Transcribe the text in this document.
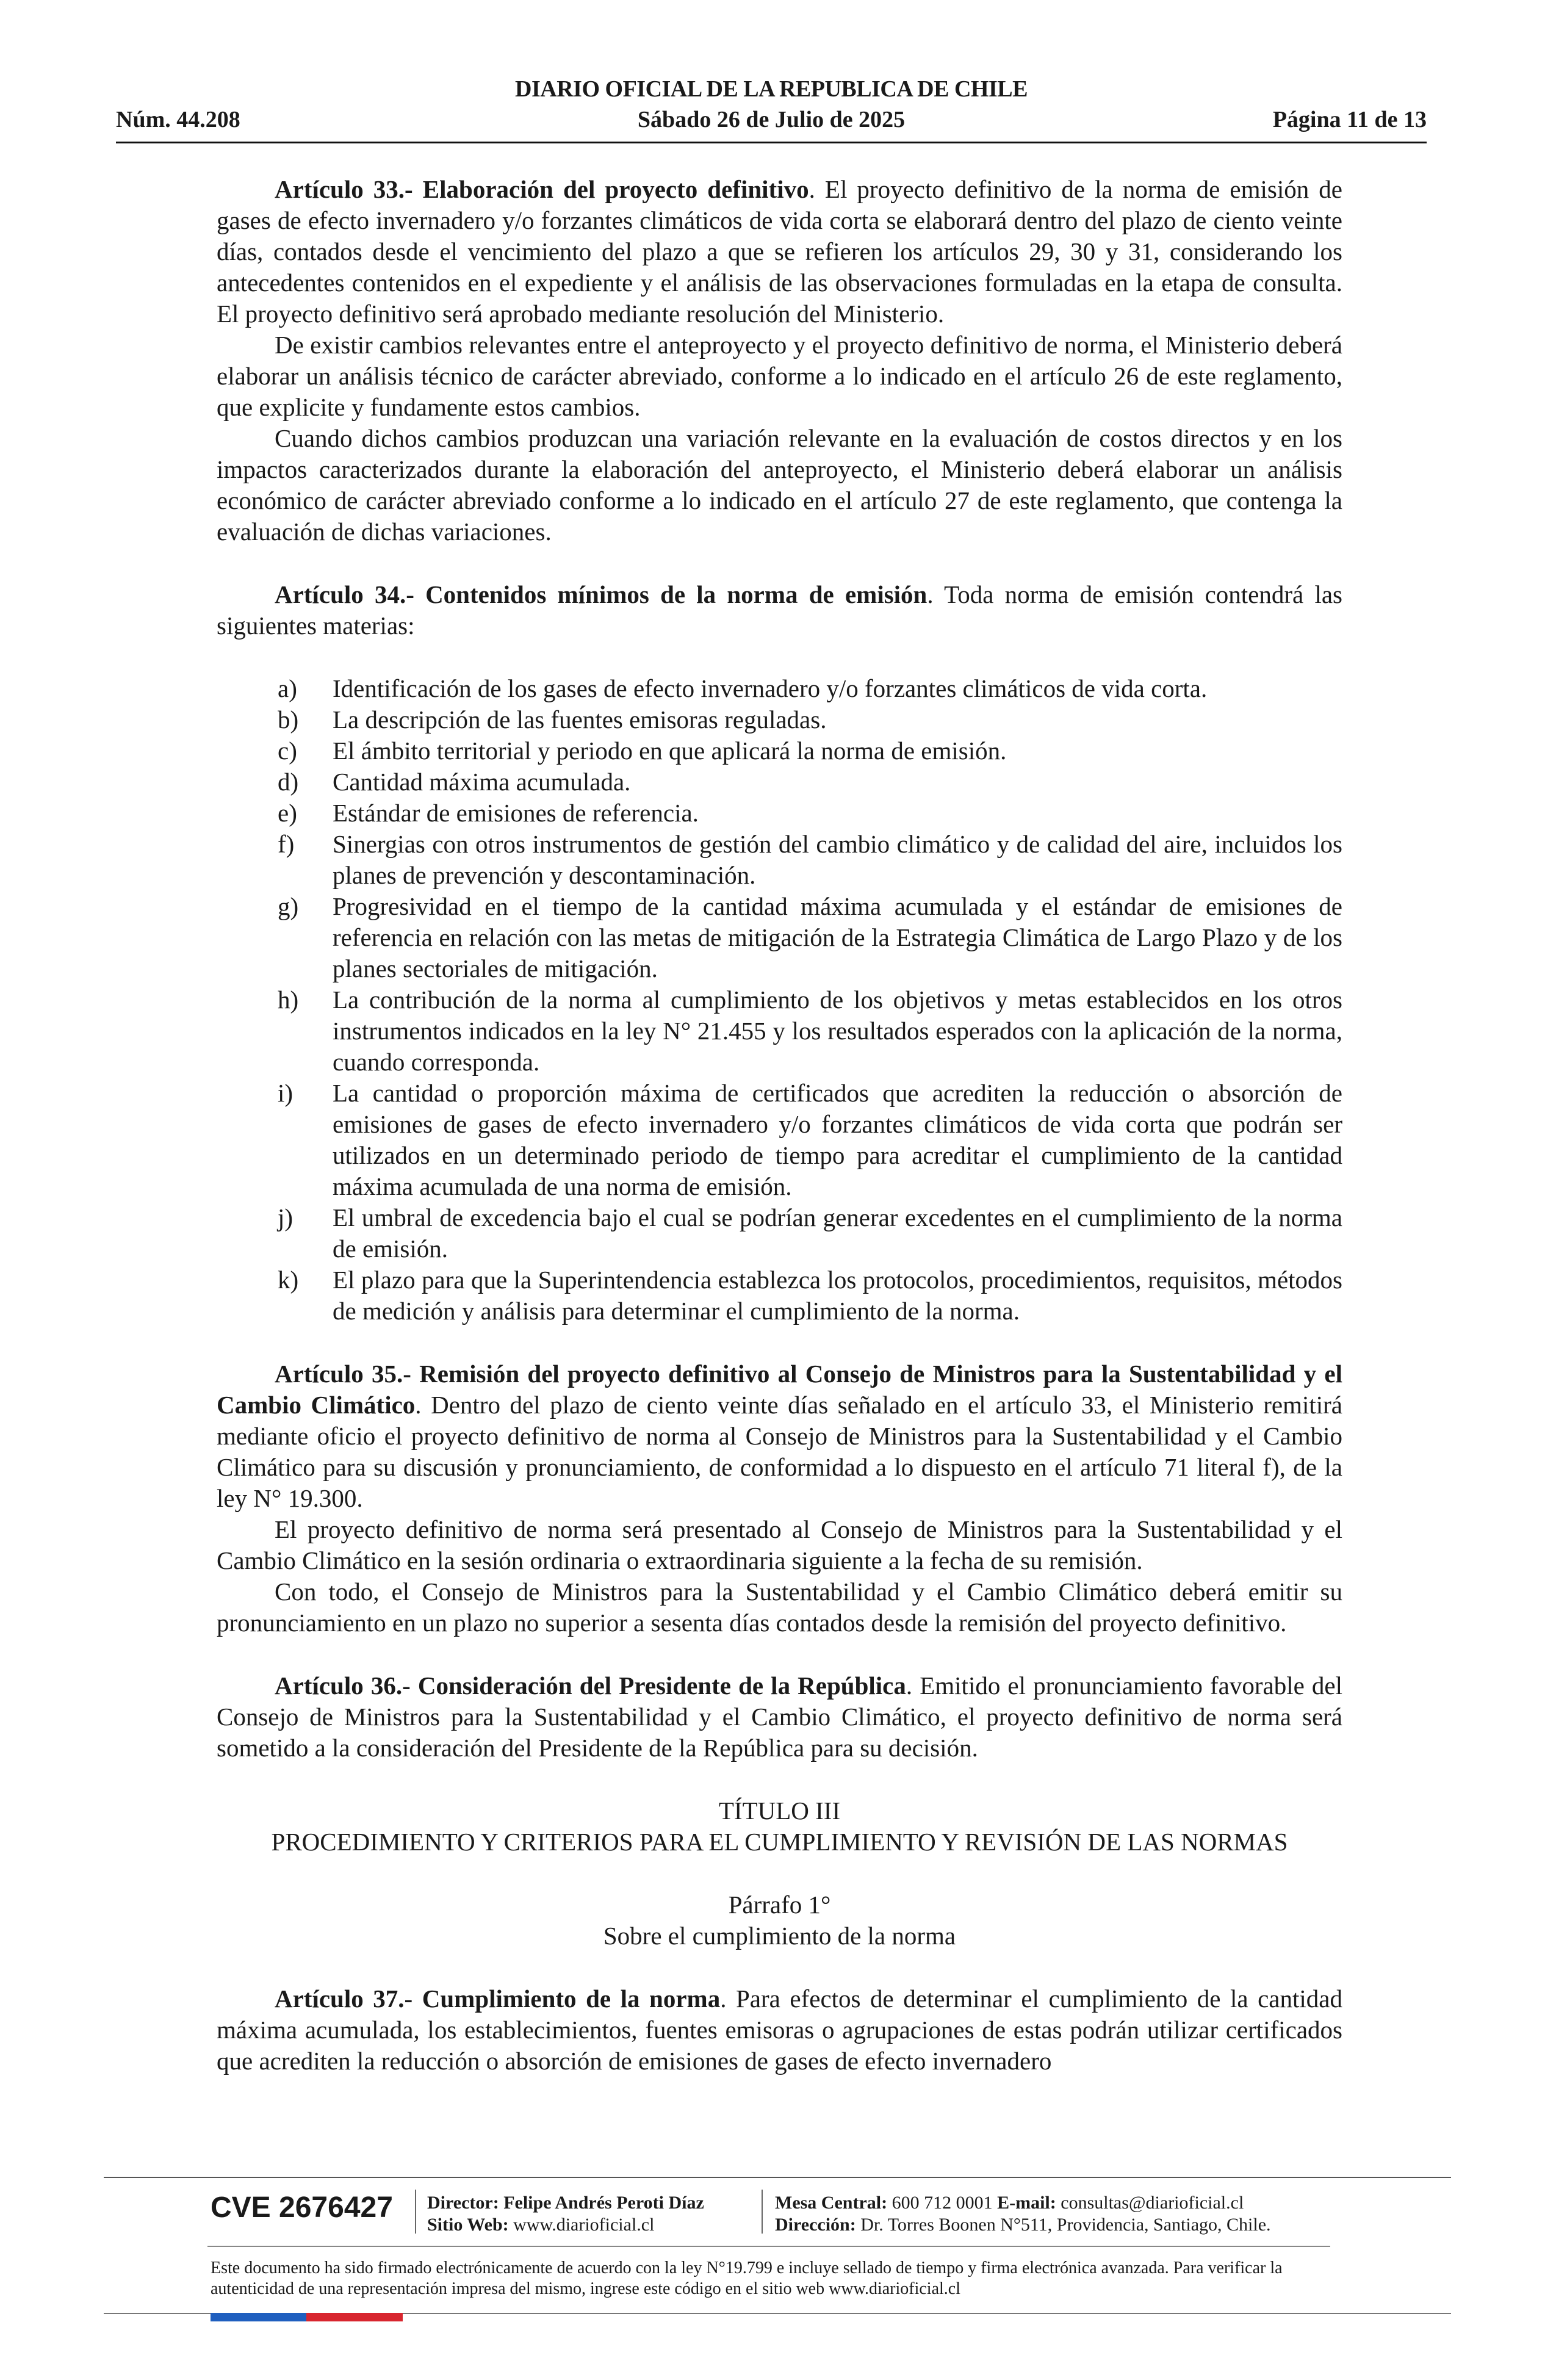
DIARIO OFICIAL DE LA REPUBLICA DE CHILE
Núm. 44.208	Sábado 26 de Julio de 2025	Página 11 de 13

Artículo 33.- Elaboración del proyecto definitivo. El proyecto definitivo de la norma de emisión de gases de efecto invernadero y/o forzantes climáticos de vida corta se elaborará dentro del plazo de ciento veinte días, contados desde el vencimiento del plazo a que se refieren los artículos 29, 30 y 31, considerando los antecedentes contenidos en el expediente y el análisis de las observaciones formuladas en la etapa de consulta. El proyecto definitivo será aprobado mediante resolución del Ministerio.

De existir cambios relevantes entre el anteproyecto y el proyecto definitivo de norma, el Ministerio deberá elaborar un análisis técnico de carácter abreviado, conforme a lo indicado en el artículo 26 de este reglamento, que explicite y fundamente estos cambios.

Cuando dichos cambios produzcan una variación relevante en la evaluación de costos directos y en los impactos caracterizados durante la elaboración del anteproyecto, el Ministerio deberá elaborar un análisis económico de carácter abreviado conforme a lo indicado en el artículo 27 de este reglamento, que contenga la evaluación de dichas variaciones.

Artículo 34.- Contenidos mínimos de la norma de emisión. Toda norma de emisión contendrá las siguientes materias:

a)	Identificación de los gases de efecto invernadero y/o forzantes climáticos de vida corta.
b)	La descripción de las fuentes emisoras reguladas.
c)	El ámbito territorial y periodo en que aplicará la norma de emisión.
d)	Cantidad máxima acumulada.
e)	Estándar de emisiones de referencia.
f)	Sinergias con otros instrumentos de gestión del cambio climático y de calidad del aire, incluidos los planes de prevención y descontaminación.
g)	Progresividad en el tiempo de la cantidad máxima acumulada y el estándar de emisiones de referencia en relación con las metas de mitigación de la Estrategia Climática de Largo Plazo y de los planes sectoriales de mitigación.
h)	La contribución de la norma al cumplimiento de los objetivos y metas establecidos en los otros instrumentos indicados en la ley N° 21.455 y los resultados esperados con la aplicación de la norma, cuando corresponda.
i)	La cantidad o proporción máxima de certificados que acrediten la reducción o absorción de emisiones de gases de efecto invernadero y/o forzantes climáticos de vida corta que podrán ser utilizados en un determinado periodo de tiempo para acreditar el cumplimiento de la cantidad máxima acumulada de una norma de emisión.
j)	El umbral de excedencia bajo el cual se podrían generar excedentes en el cumplimiento de la norma de emisión.
k)	El plazo para que la Superintendencia establezca los protocolos, procedimientos, requisitos, métodos de medición y análisis para determinar el cumplimiento de la norma.

Artículo 35.- Remisión del proyecto definitivo al Consejo de Ministros para la Sustentabilidad y el Cambio Climático. Dentro del plazo de ciento veinte días señalado en el artículo 33, el Ministerio remitirá mediante oficio el proyecto definitivo de norma al Consejo de Ministros para la Sustentabilidad y el Cambio Climático para su discusión y pronunciamiento, de conformidad a lo dispuesto en el artículo 71 literal f), de la ley N° 19.300.

El proyecto definitivo de norma será presentado al Consejo de Ministros para la Sustentabilidad y el Cambio Climático en la sesión ordinaria o extraordinaria siguiente a la fecha de su remisión.

Con todo, el Consejo de Ministros para la Sustentabilidad y el Cambio Climático deberá emitir su pronunciamiento en un plazo no superior a sesenta días contados desde la remisión del proyecto definitivo.

Artículo 36.- Consideración del Presidente de la República. Emitido el pronunciamiento favorable del Consejo de Ministros para la Sustentabilidad y el Cambio Climático, el proyecto definitivo de norma será sometido a la consideración del Presidente de la República para su decisión.

TÍTULO III

PROCEDIMIENTO Y CRITERIOS PARA EL CUMPLIMIENTO Y REVISIÓN DE LAS NORMAS

Párrafo 1°

Sobre el cumplimiento de la norma

Artículo 37.- Cumplimiento de la norma. Para efectos de determinar el cumplimiento de la cantidad máxima acumulada, los establecimientos, fuentes emisoras o agrupaciones de estas podrán utilizar certificados que acrediten la reducción o absorción de emisiones de gases de efecto invernadero

CVE 2676427 Director: Felipe Andrés Peroti Díaz
Sitio Web: www.diarioficial.cl
Mesa Central: 600 712 0001 E-mail: consultas@diarioficial.cl
Dirección: Dr. Torres Boonen N°511, Providencia, Santiago, Chile.
Este documento ha sido firmado electrónicamente de acuerdo con la ley N°19.799 e incluye sellado de tiempo y firma electrónica avanzada. Para verificar la autenticidad de una representación impresa del mismo, ingrese este código en el sitio web www.diarioficial.cl
